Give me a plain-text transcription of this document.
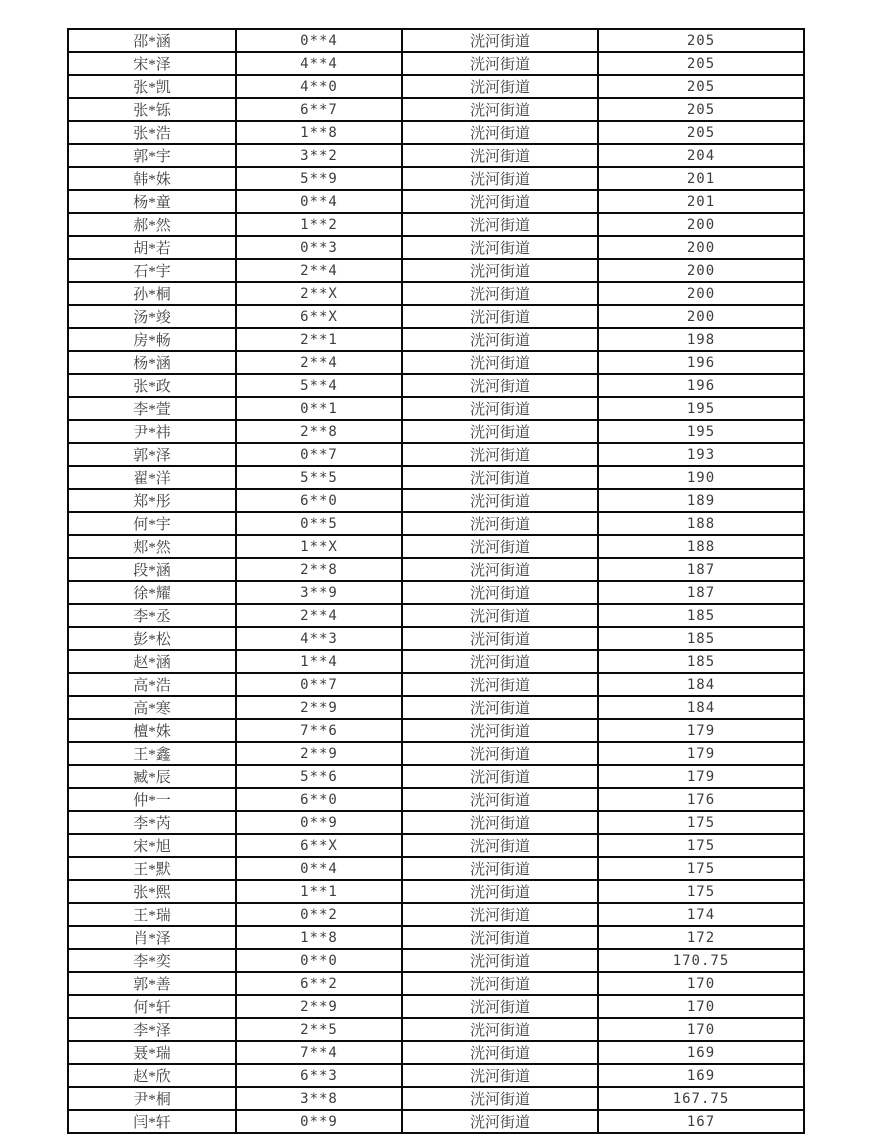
邵*涵	0**4	洸河街道	205
宋*泽	4**4	洸河街道	205
张*凯	4**0	洸河街道	205
张*铄	6**7	洸河街道	205
张*浩	1**8	洸河街道	205
郭*宇	3**2	洸河街道	204
韩*姝	5**9	洸河街道	201
杨*童	0**4	洸河街道	201
郝*然	1**2	洸河街道	200
胡*若	0**3	洸河街道	200
石*宇	2**4	洸河街道	200
孙*桐	2**X	洸河街道	200
汤*竣	6**X	洸河街道	200
房*畅	2**1	洸河街道	198
杨*涵	2**4	洸河街道	196
张*政	5**4	洸河街道	196
李*萱	0**1	洸河街道	195
尹*祎	2**8	洸河街道	195
郭*泽	0**7	洸河街道	193
翟*洋	5**5	洸河街道	190
郑*彤	6**0	洸河街道	189
何*宇	0**5	洸河街道	188
郏*然	1**X	洸河街道	188
段*涵	2**8	洸河街道	187
徐*耀	3**9	洸河街道	187
李*丞	2**4	洸河街道	185
彭*松	4**3	洸河街道	185
赵*涵	1**4	洸河街道	185
高*浩	0**7	洸河街道	184
高*寒	2**9	洸河街道	184
檀*姝	7**6	洸河街道	179
王*鑫	2**9	洸河街道	179
臧*辰	5**6	洸河街道	179
仲*一	6**0	洸河街道	176
李*芮	0**9	洸河街道	175
宋*旭	6**X	洸河街道	175
王*默	0**4	洸河街道	175
张*熙	1**1	洸河街道	175
王*瑞	0**2	洸河街道	174
肖*泽	1**8	洸河街道	172
李*奕	0**0	洸河街道	170.75
郭*善	6**2	洸河街道	170
何*轩	2**9	洸河街道	170
李*泽	2**5	洸河街道	170
聂*瑞	7**4	洸河街道	169
赵*欣	6**3	洸河街道	169
尹*桐	3**8	洸河街道	167.75
闫*轩	0**9	洸河街道	167
